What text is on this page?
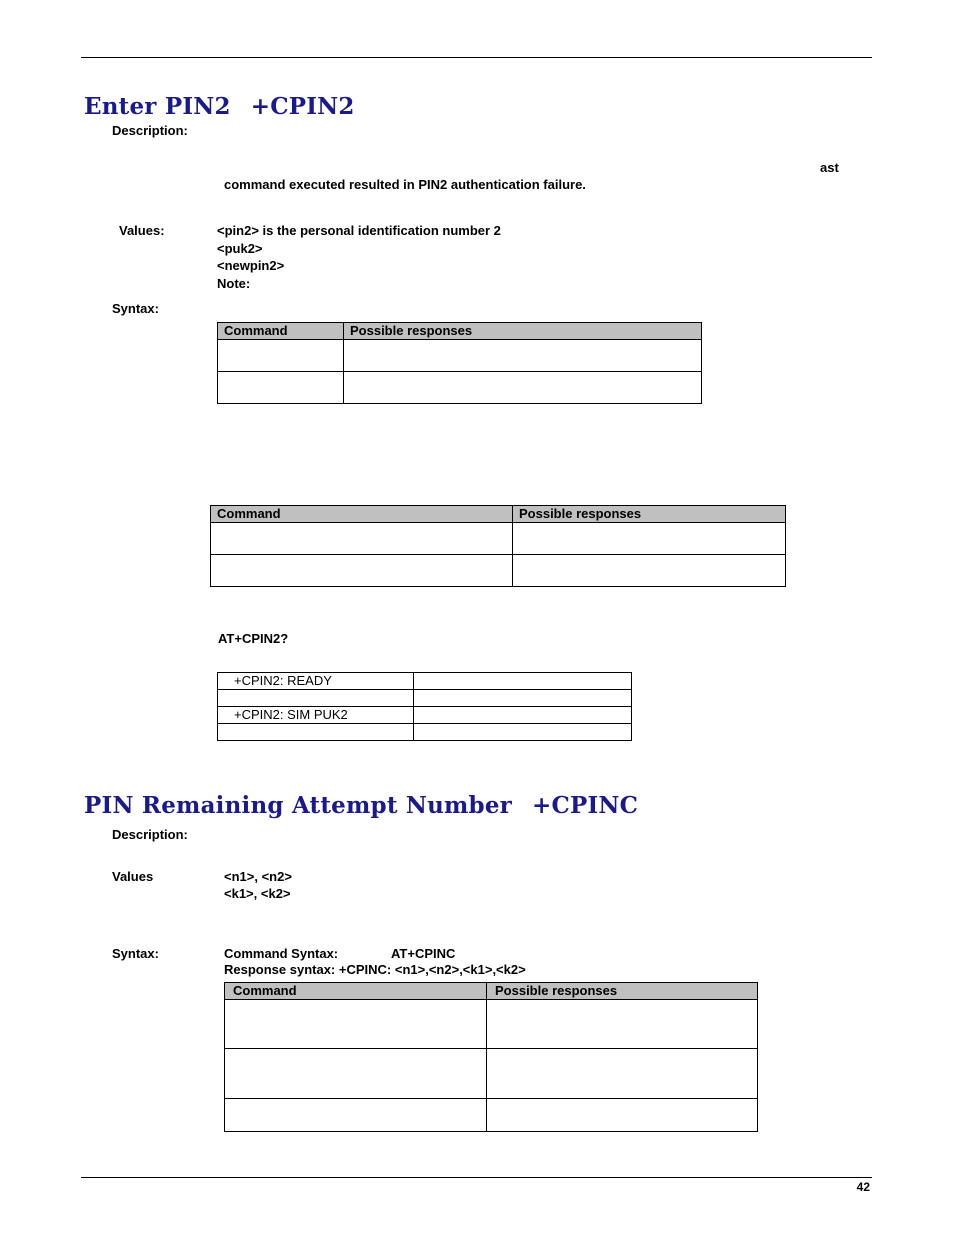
Enter PIN2 +CPIN2
Description:
ast
command executed resulted in PIN2 authentication failure.
Values:	<pin2> is the personal identification number 2
<puk2>
<newpin2>
Note:
Syntax:
Command	Possible responses

Command	Possible responses

AT+CPIN2?
+CPIN2: READY	

+CPIN2: SIM PUK2	

PIN Remaining Attempt Number +CPINC
Description:
Values	<n1>, <n2>
<k1>, <k2>
Syntax:	Command Syntax:	AT+CPINC
Response syntax: +CPINC: <n1>,<n2>,<k1>,<k2>
Command	Possible responses

42
